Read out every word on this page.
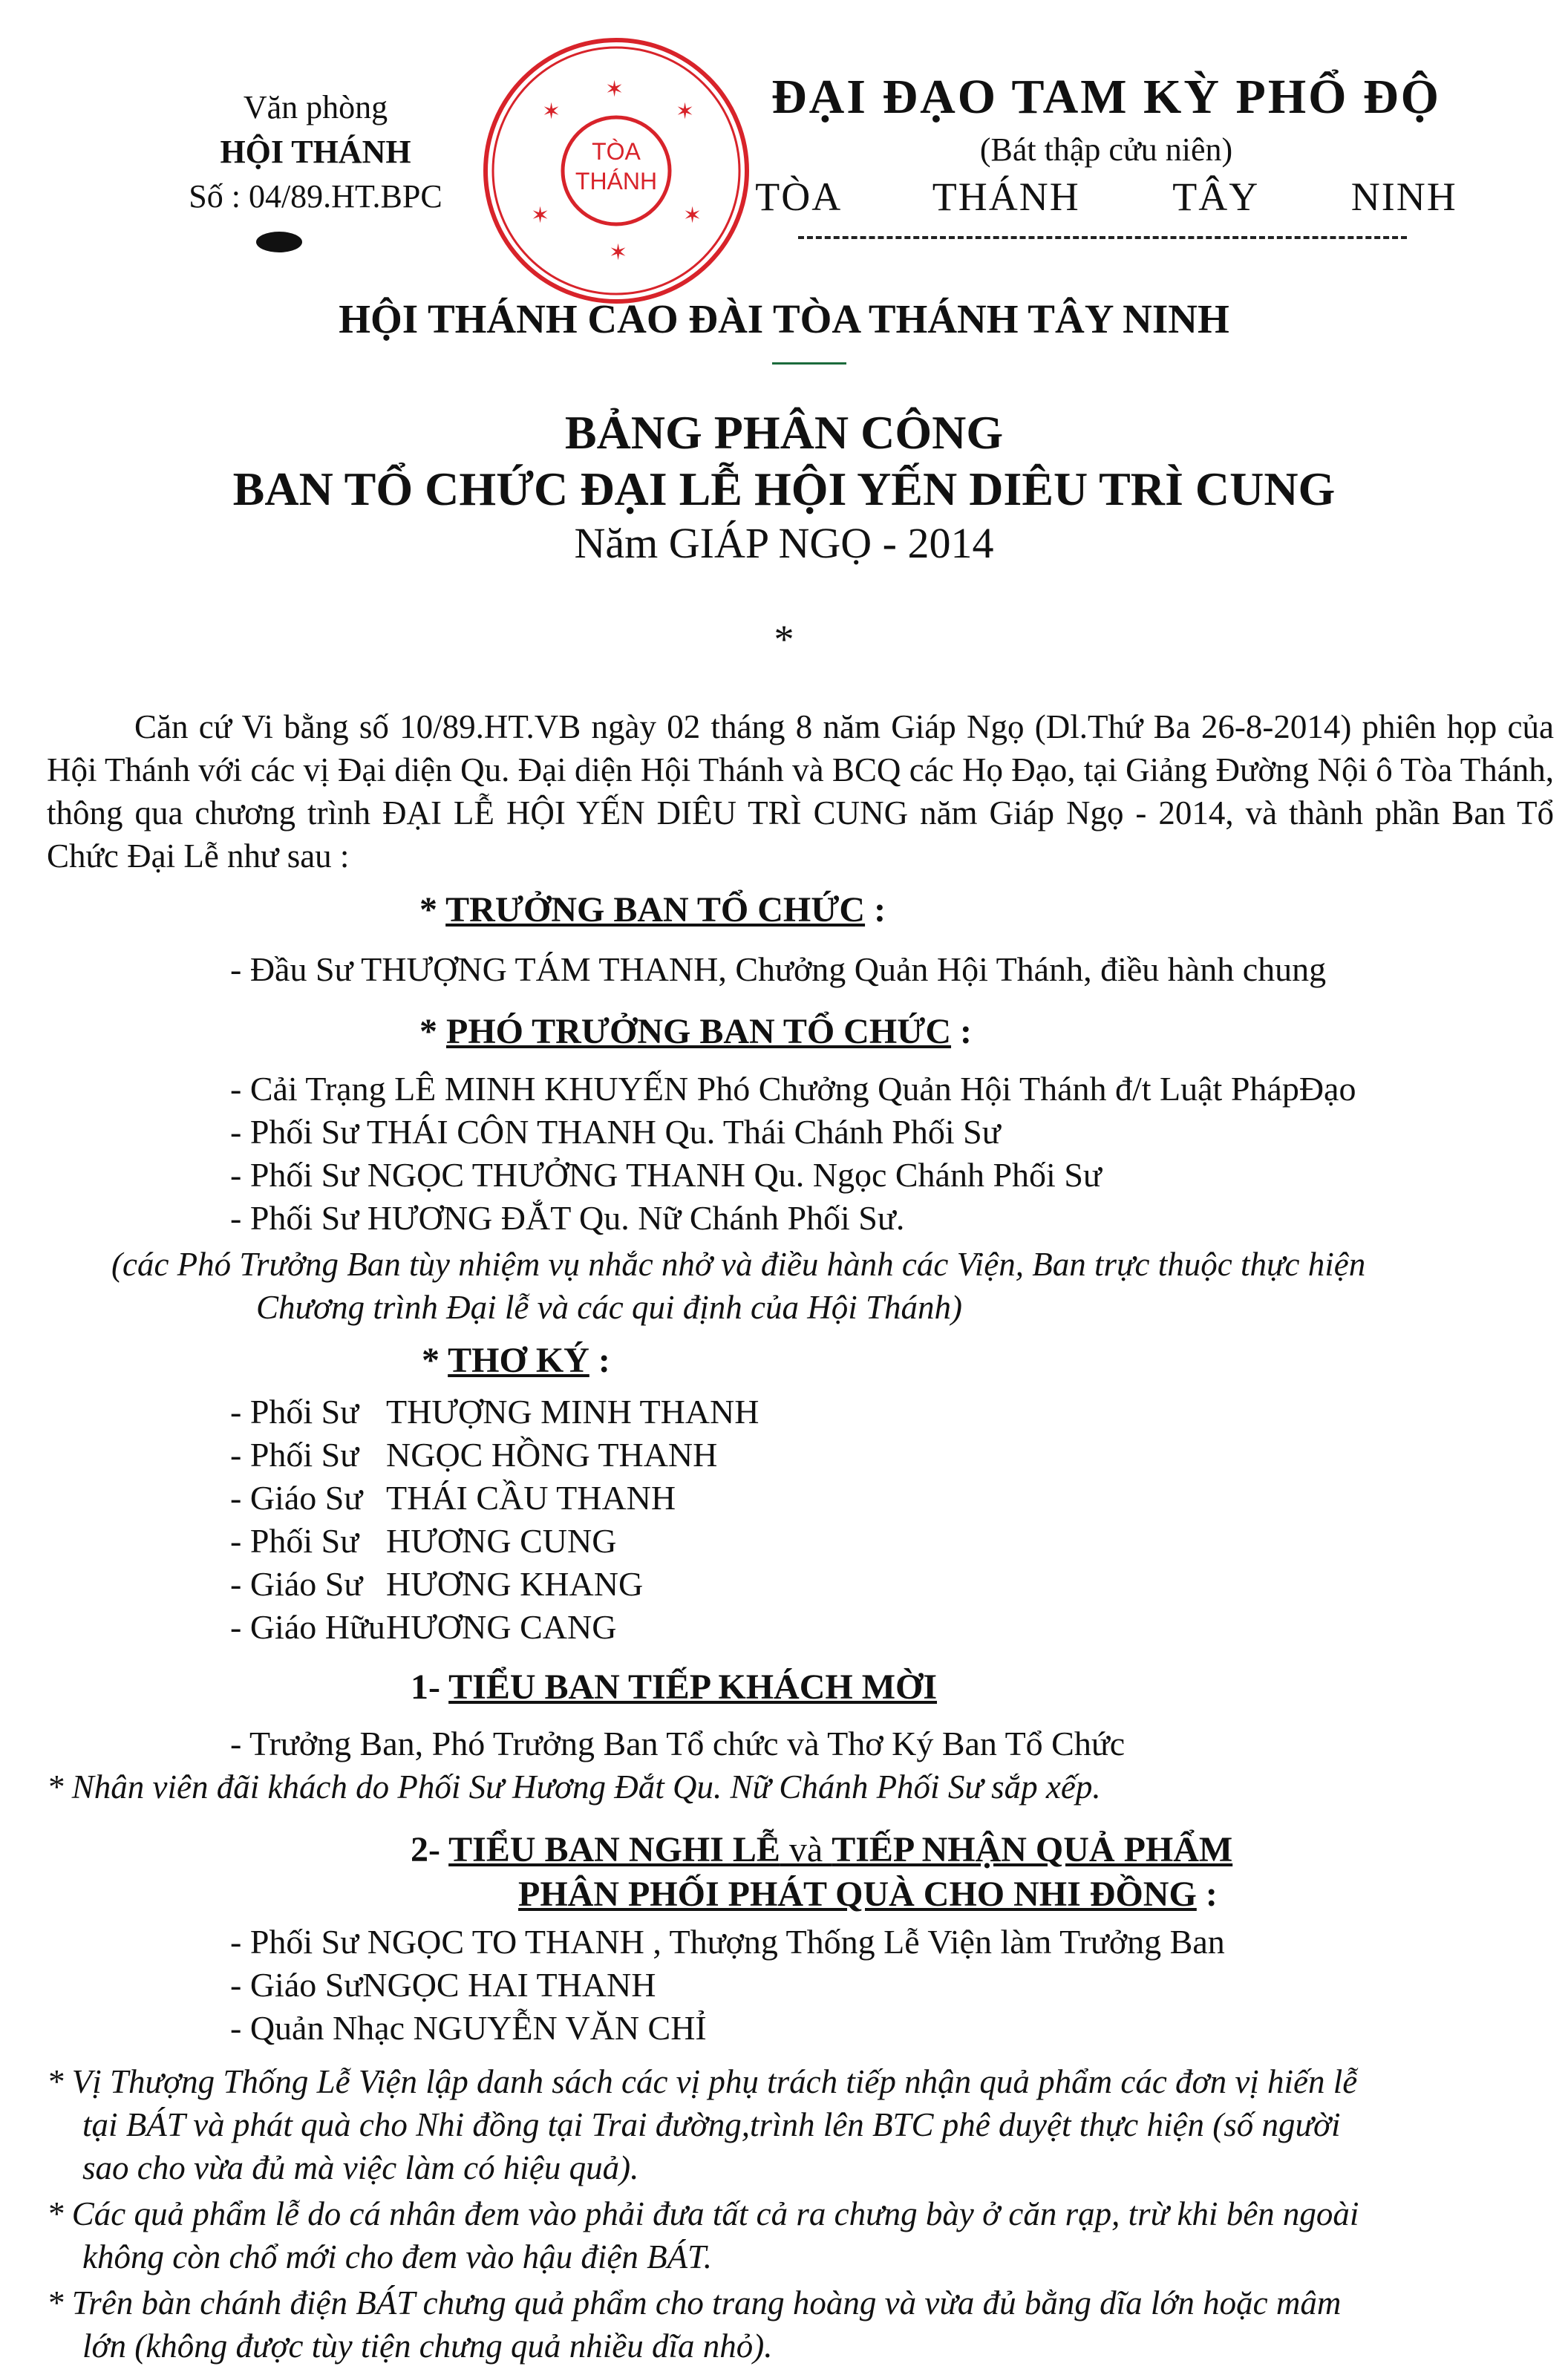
TÒA
THÁNH
✶
✶
✶
✶
✶
✶
Văn phòng
HỘI THÁNH
Số : 04/89.HT.BPC
ĐẠI ĐẠO TAM KỲ PHỔ ĐỘ
(Bát thập cửu niên)
TÒA THÁNH TÂY NINH
HỘI THÁNH CAO ĐÀI TÒA THÁNH TÂY NINH
BẢNG PHÂN CÔNG
BAN TỔ CHỨC ĐẠI LỄ HỘI YẾN DIÊU TRÌ CUNG
Năm GIÁP NGỌ - 2014
*
Căn cứ Vi bằng số 10/89.HT.VB ngày 02 tháng 8 năm Giáp Ngọ (Dl.Thứ Ba 26-8-2014) phiên họp của Hội Thánh với các vị Đại diện Qu. Đại diện Hội Thánh và BCQ các Họ Đạo, tại Giảng Đường Nội ô Tòa Thánh, thông qua chương trình ĐẠI LỄ HỘI YẾN DIÊU TRÌ CUNG năm Giáp Ngọ - 2014, và thành phần Ban Tổ Chức Đại Lễ như sau :
* TRƯỞNG BAN TỔ CHỨC :
- Đầu Sư THƯỢNG TÁM THANH, Chưởng Quản Hội Thánh, điều hành chung
* PHÓ TRƯỞNG BAN TỔ CHỨC :
- Cải Trạng LÊ MINH KHUYẾN Phó Chưởng Quản Hội Thánh đ/t Luật PhápĐạo
- Phối Sư THÁI CÔN THANH Qu. Thái Chánh Phối Sư
- Phối Sư NGỌC THƯỞNG THANH Qu. Ngọc Chánh Phối Sư
- Phối Sư HƯƠNG ĐẮT Qu. Nữ Chánh Phối Sư.
(các Phó Trưởng Ban tùy nhiệm vụ nhắc nhở và điều hành các Viện, Ban trực thuộc thực hiện
Chương trình Đại lễ và các qui định của Hội Thánh)
* THƠ KÝ :
- Phối Sư THƯỢNG MINH THANH
- Phối Sư NGỌC HỒNG THANH
- Giáo Sư THÁI CẦU THANH
- Phối Sư HƯƠNG CUNG
- Giáo Sư HƯƠNG KHANG
- Giáo HữuHƯƠNG CANG
1- TIỂU BAN TIẾP KHÁCH MỜI
- Trưởng Ban, Phó Trưởng Ban Tổ chức và Thơ Ký Ban Tổ Chức
* Nhân viên đãi khách do Phối Sư Hương Đắt Qu. Nữ Chánh Phối Sư sắp xếp.
2- TIỂU BAN NGHI LỄ và TIẾP NHẬN QUẢ PHẨM
PHÂN PHỐI PHÁT QUÀ CHO NHI ĐỒNG :
- Phối Sư NGỌC TO THANH , Thượng Thống Lễ Viện làm Trưởng Ban
- Giáo SưNGỌC HAI THANH
- Quản Nhạc NGUYỄN VĂN CHỈ
* Vị Thượng Thống Lễ Viện lập danh sách các vị phụ trách tiếp nhận quả phẩm các đơn vị hiến lễ
tại BÁT và phát quà cho Nhi đồng tại Trai đường,trình lên BTC phê duyệt thực hiện (số người
sao cho vừa đủ mà việc làm có hiệu quả).
* Các quả phẩm lễ do cá nhân đem vào phải đưa tất cả ra chưng bày ở căn rạp, trừ khi bên ngoài
không còn chổ mới cho đem vào hậu điện BÁT.
* Trên bàn chánh điện BÁT chưng quả phẩm cho trang hoàng và vừa đủ bằng dĩa lớn hoặc mâm
lớn (không được tùy tiện chưng quả nhiều dĩa nhỏ).
